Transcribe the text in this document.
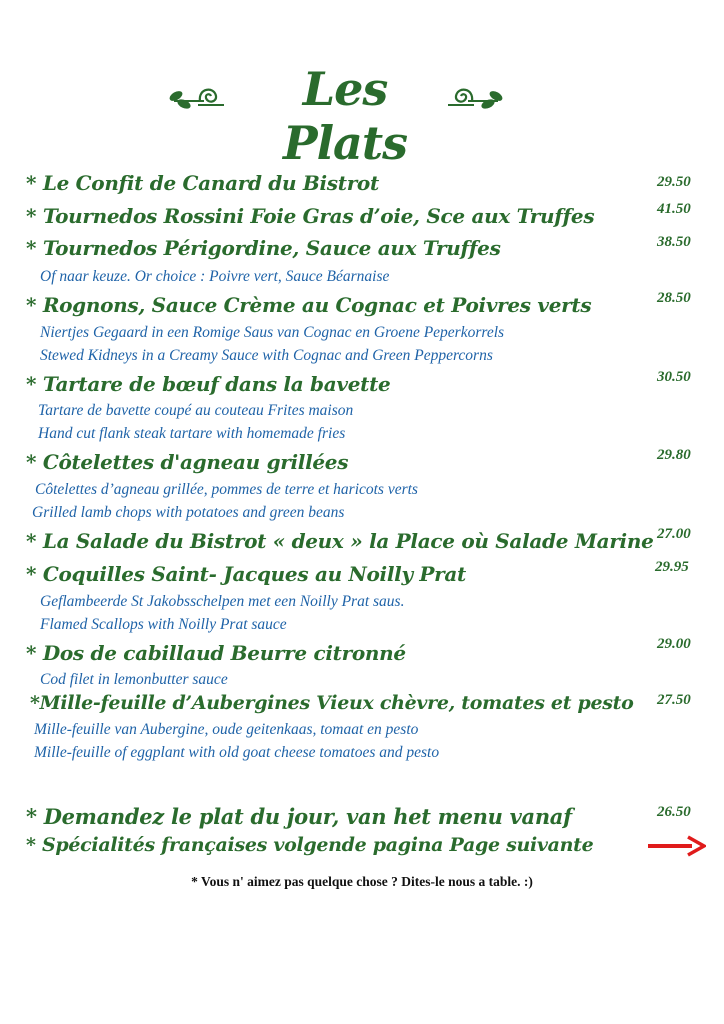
Les Plats
* Le Confit de Canard du Bistrot	29.50
* Tournedos Rossini Foie Gras d’oie, Sce aux Truffes	41.50
* Tournedos Périgordine, Sauce aux Truffes	38.50
Of naar keuze. Or choice : Poivre vert, Sauce Béarnaise
* Rognons, Sauce Crème au Cognac et Poivres verts	28.50
Niertjes Gegaard in een Romige Saus van Cognac en Groene Peperkorrels
Stewed Kidneys in a Creamy Sauce with Cognac and Green Peppercorns
* Tartare de bœuf dans la bavette	30.50
Tartare de bavette coupé au couteau Frites maison
Hand cut flank steak tartare with homemade fries
* Côtelettes d'agneau grillées	29.80
Côtelettes d’agneau grillée, pommes de terre et haricots verts
Grilled lamb chops with potatoes and green beans
* La Salade du Bistrot « deux » la Place où Salade Marine 27.00
* Coquilles Saint- Jacques au Noilly Prat	29.95
Geflambeerde St Jakobsschelpen met een Noilly Prat saus.
Flamed Scallops with Noilly Prat sauce
* Dos de cabillaud Beurre citronné	29.00
Cod filet in lemonbutter sauce
*Mille-feuille d’Aubergines Vieux chèvre, tomates et pesto 27.50
Mille-feuille van Aubergine, oude geitenkaas, tomaat en pesto
Mille-feuille of eggplant with old goat cheese tomatoes and pesto
* Demandez le plat du jour, van het menu vanaf	26.50
* Spécialités françaises volgende pagina Page suivante
* Vous n' aimez pas quelque chose ? Dites-le nous a table. :)
